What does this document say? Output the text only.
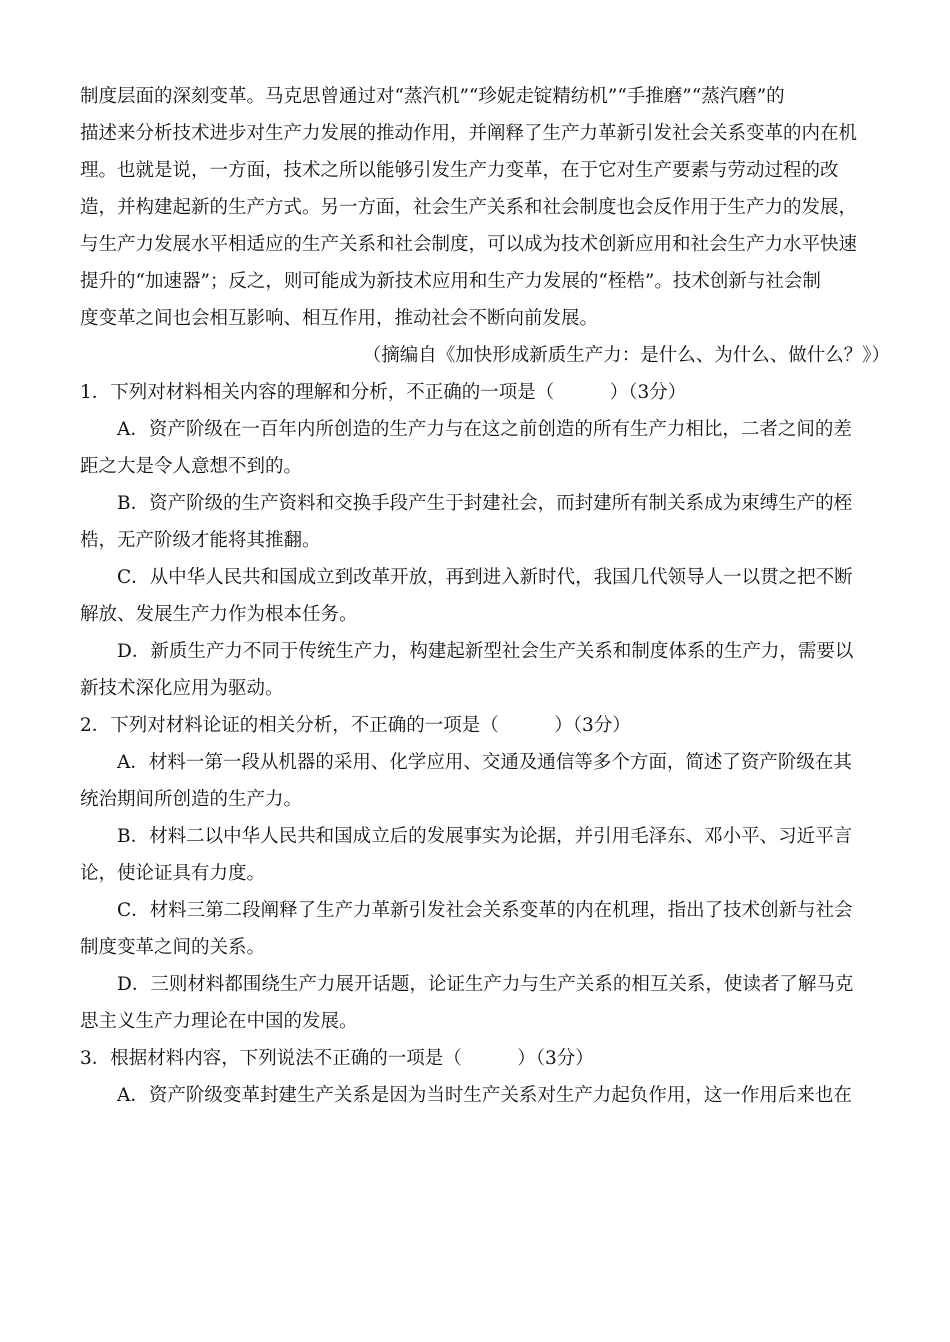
制度层面的深刻变革。马克思曾通过对“蒸汽机”“珍妮走锭精纺机”“手推磨”“蒸汽磨”的
描述来分析技术进步对生产力发展的推动作用，并阐释了生产力革新引发社会关系变革的内在机
理。也就是说，一方面，技术之所以能够引发生产力变革，在于它对生产要素与劳动过程的改
造，并构建起新的生产方式。另一方面，社会生产关系和社会制度也会反作用于生产力的发展，
与生产力发展水平相适应的生产关系和社会制度，可以成为技术创新应用和社会生产力水平快速
提升的“加速器”；反之，则可能成为新技术应用和生产力发展的“桎梏”。技术创新与社会制
度变革之间也会相互影响、相互作用，推动社会不断向前发展。
（摘编自《加快形成新质生产力：是什么、为什么、做什么？》）
1．下列对材料相关内容的理解和分析，不正确的一项是（　　　）（3分）
A．资产阶级在一百年内所创造的生产力与在这之前创造的所有生产力相比，二者之间的差
距之大是令人意想不到的。
B．资产阶级的生产资料和交换手段产生于封建社会，而封建所有制关系成为束缚生产的桎
梏，无产阶级才能将其推翻。
C．从中华人民共和国成立到改革开放，再到进入新时代，我国几代领导人一以贯之把不断
解放、发展生产力作为根本任务。
D．新质生产力不同于传统生产力，构建起新型社会生产关系和制度体系的生产力，需要以
新技术深化应用为驱动。
2．下列对材料论证的相关分析，不正确的一项是（　　　）（3分）
A．材料一第一段从机器的采用、化学应用、交通及通信等多个方面，简述了资产阶级在其
统治期间所创造的生产力。
B．材料二以中华人民共和国成立后的发展事实为论据，并引用毛泽东、邓小平、习近平言
论，使论证具有力度。
C．材料三第二段阐释了生产力革新引发社会关系变革的内在机理，指出了技术创新与社会
制度变革之间的关系。
D．三则材料都围绕生产力展开话题，论证生产力与生产关系的相互关系，使读者了解马克
思主义生产力理论在中国的发展。
3．根据材料内容，下列说法不正确的一项是（　　　）（3分）
A．资产阶级变革封建生产关系是因为当时生产关系对生产力起负作用，这一作用后来也在
